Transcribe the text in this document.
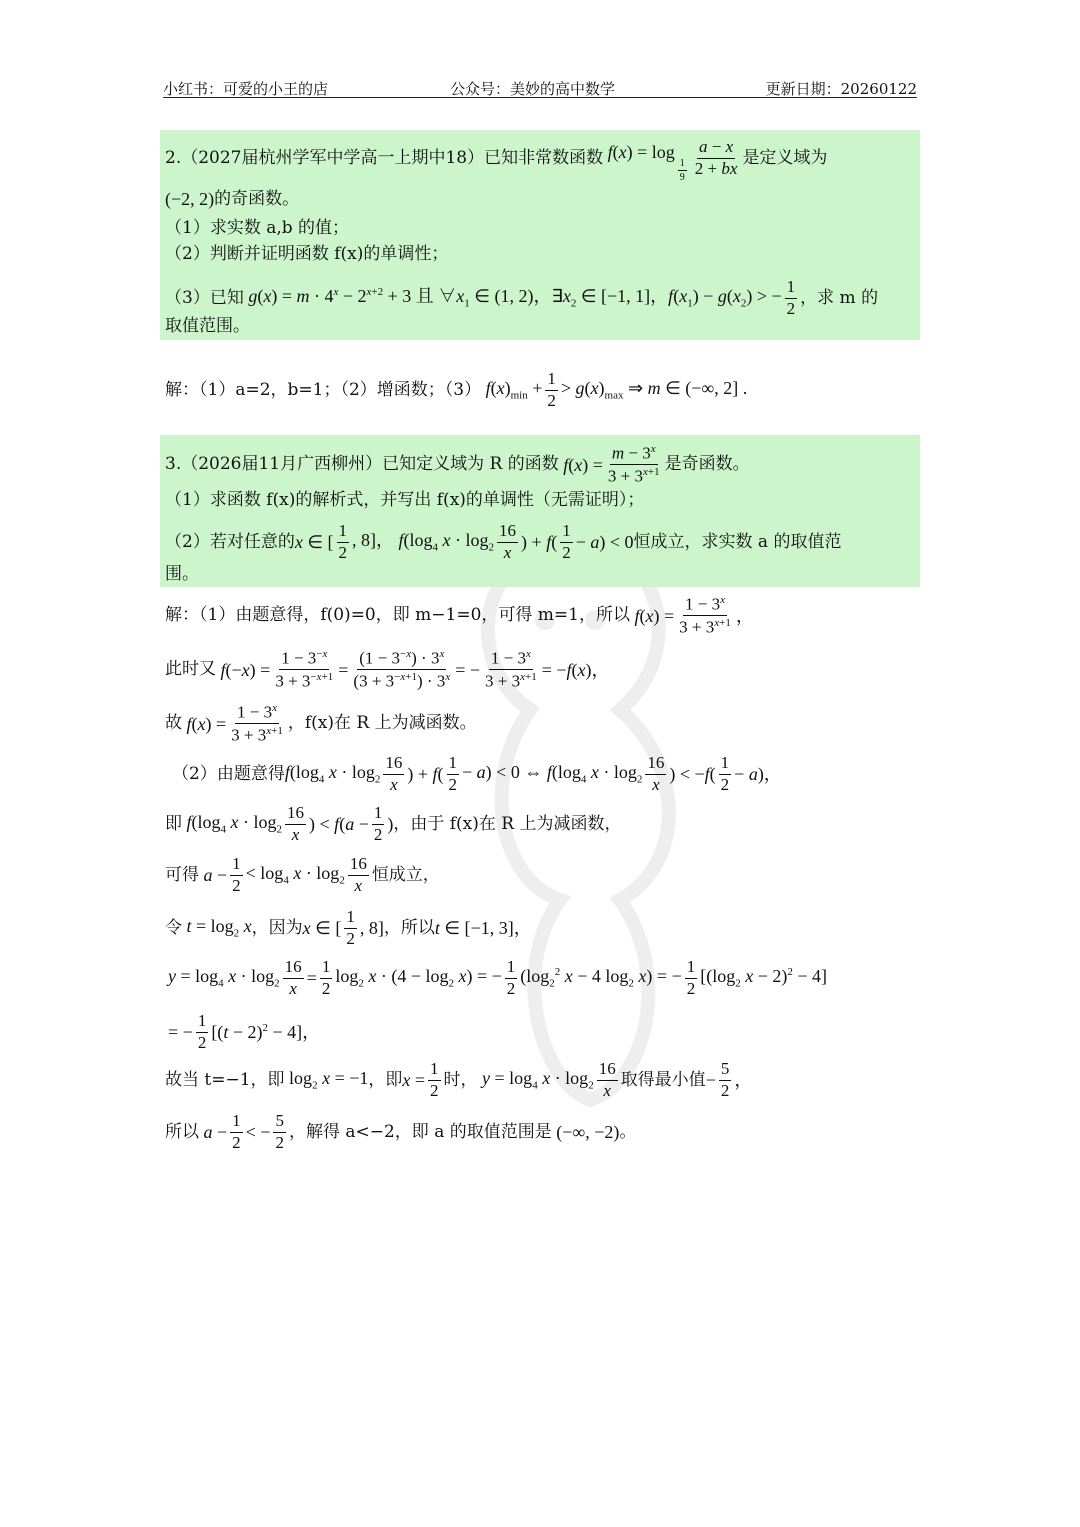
小红书：可爱的小王的店	公众号：美妙的高中数学	更新日期：20260122
2.（2027届杭州学军中学高一上期中18）已知非常数函数 f(x) = log
$_{\frac{1}{9}} \frac{a - x}{2 + bx}$ 是定义域为
(−2, 2) 的奇函数。
（1）求实数 a,b 的值；
（2）判断并证明函数 f(x)的单调性；
（3）已知 $g(x) = m \cdot 4^x - 2^{x+2} + 3$ 且 $\forall x_1$ ∈ (1, 2)，$\exists x_2$ ∈ [−1, 1]，$f(x_1) - g(x_2)$ > − $\frac{1}{2}$ ，求 m 的
取值范围。
解：（1）a=2，b=1；（2）增函数；（3） $f(x)_{min} + \frac{1}{2} > g(x)_{max}$ ⇒ m ∈ (−∞, 2] .
3.（2026届11月广西柳州）已知定义域为 R 的函数 $f(x) = \frac{m - 3^x}{3 + 3^{x+1}}$ 是奇函数。
（1）求函数 f(x)的解析式，并写出 f(x)的单调性（无需证明）；
（2）若对任意的 x ∈ [ $\frac{1}{2}$ , 8]， $f(\log_4$ $x \cdot \log_2 \frac{16}{x}$ ) + $f( \frac{1}{2} - a) < 0$ 恒成立，求实数 a 的取值范
围。
解：（1）由题意得，f(0)=0，即 m−1=0，可得 m=1，所以 $f(x) = \frac{1 - 3^x}{3 + 3^{x+1}}$ ，
此时又 $f(-x) = \frac{1 - 3^{-x}}{3 + 3^{-x+1}} = \frac{(1 - 3^{-x}) \cdot 3^x}{(3 + 3^{-x+1}) \cdot 3^x}$ = − $\frac{1 - 3^x}{3 + 3^{x+1}} = -f(x)$，
故 $f(x) = \frac{1 - 3^x}{3 + 3^{x+1}}$ ，f(x)在 R 上为减函数。
（2）由题意得 $f(\log_4$ $x \cdot \log_2 \frac{16}{x}$ ) + $f( \frac{1}{2} - a) < 0$ ⇔ $f(\log_4$ $x \cdot \log_2 \frac{16}{x}$ ) < $-f( \frac{1}{2} - a)$，
即 $f(\log_4$ $x \cdot \log_2 \frac{16}{x}$ ) < $f(a - \frac{1}{2}$ ) ，由于 f(x)在 R 上为减函数，
可得 $a - \frac{1}{2} < \log_4 x \cdot \log_2 \frac{16}{x}$ 恒成立，
令 $t = \log_2 x$ ，因为 x ∈ [ $\frac{1}{2}$ , 8] ，所以 t ∈ [−1, 3]，
$y = \log_4 x \cdot \log_2 \frac{16}{x} = \frac{1}{2} \log_2 x \cdot (4 - \log_2 x)$ = − $\frac{1}{2} (\log_2^2$ x − 4 $\log_2 x$) = − $\frac{1}{2} [(\log_2$ x − 2)$^2$ − 4]
= − $\frac{1}{2} [(t - 2)^2 - 4]$，
故当 t=−1，即 $\log_2 x = -1$ ，即 $x = \frac{1}{2}$ 时， $y = \log_4 x \cdot \log_2 \frac{16}{x}$ 取得最小值 − $\frac{5}{2}$ ，
所以 $a - \frac{1}{2}$ < − $\frac{5}{2}$ ，解得 a<−2，即 a 的取值范围是 (−∞, −2) 。
